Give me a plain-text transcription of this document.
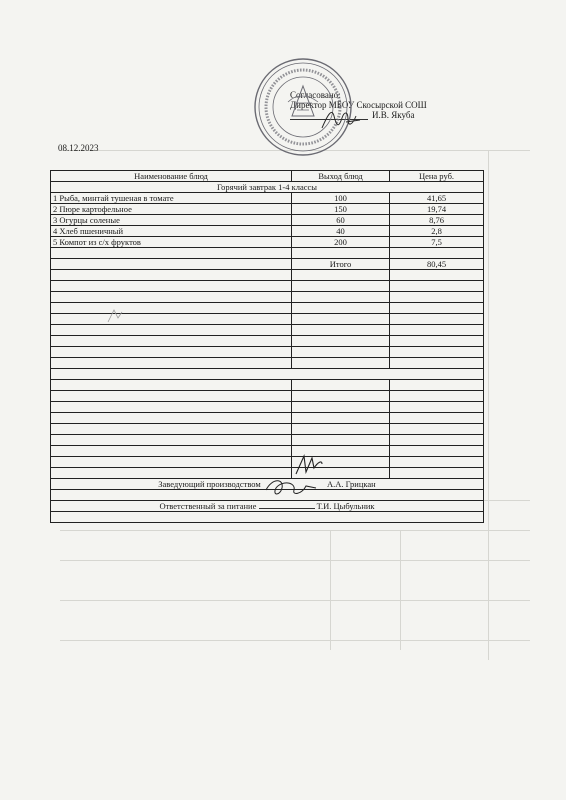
Согласовано:
Директор МБОУ Скосырской СОШ
И.В. Якуба
08.12.2023
Наименование блюд	Выход блюд	Цена руб.
Горячий завтрак 1-4 классы		
1 Рыба, минтай тушеная в томате	100	41,65
2 Пюре картофельное	150	19,74
3 Огурцы соленые	60	8,76
4 Хлеб пшеничный	40	2,8
5 Компот из с/х фруктов	200	7,5

	Итого	80,45

Заведующий производством А.А. Грицкан		

Ответственный за питание Т.И. Цыбульник		
